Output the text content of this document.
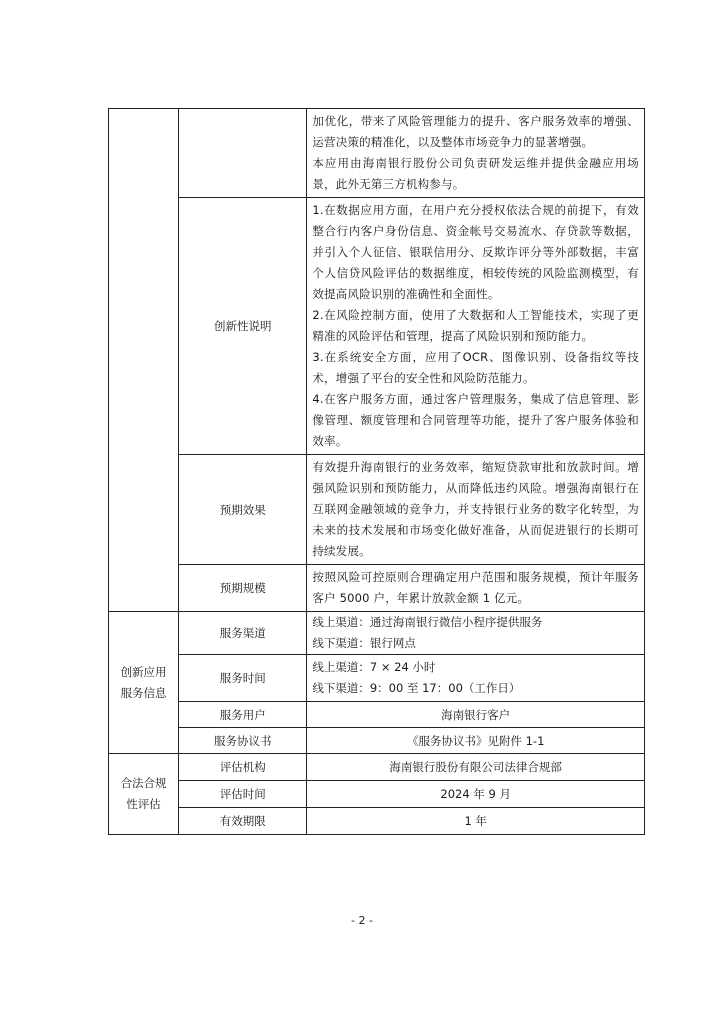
		加优化，带来了风险管理能力的提升、客户服务效率的增强、运营决策的精准化，以及整体市场竞争力的显著增强。
本应用由海南银行股份公司负责研发运维并提供金融应用场景，此外无第三方机构参与。

	创新性说明	1.在数据应用方面，在用户充分授权依法合规的前提下，有效整合行内客户身份信息、资金帐号交易流水、存贷款等数据，并引入个人征信、银联信用分、反欺诈评分等外部数据，丰富个人信贷风险评估的数据维度，相较传统的风险监测模型，有效提高风险识别的准确性和全面性。
2.在风险控制方面，使用了大数据和人工智能技术，实现了更精准的风险评估和管理，提高了风险识别和预防能力。
3.在系统安全方面，应用了OCR、图像识别、设备指纹等技术，增强了平台的安全性和风险防范能力。
4.在客户服务方面，通过客户管理服务，集成了信息管理、影像管理、额度管理和合同管理等功能，提升了客户服务体验和效率。

	预期效果	有效提升海南银行的业务效率，缩短贷款审批和放款时间。增强风险识别和预防能力，从而降低违约风险。增强海南银行在互联网金融领域的竞争力，并支持银行业务的数字化转型，为未来的技术发展和市场变化做好准备，从而促进银行的长期可持续发展。

	预期规模	按照风险可控原则合理确定用户范围和服务规模，预计年服务客户 5000 户，年累计放款金额 1 亿元。

创新应用服务信息	服务渠道	线上渠道：通过海南银行微信小程序提供服务
线下渠道：银行网点

	服务时间	线上渠道：7 × 24 小时
线下渠道：9：00 至 17：00（工作日）

	服务用户	海南银行客户
	服务协议书	《服务协议书》见附件 1-1

合法合规性评估	评估机构	海南银行股份有限公司法律合规部
	评估时间	2024 年 9 月
	有效期限	1 年
- 2 -
